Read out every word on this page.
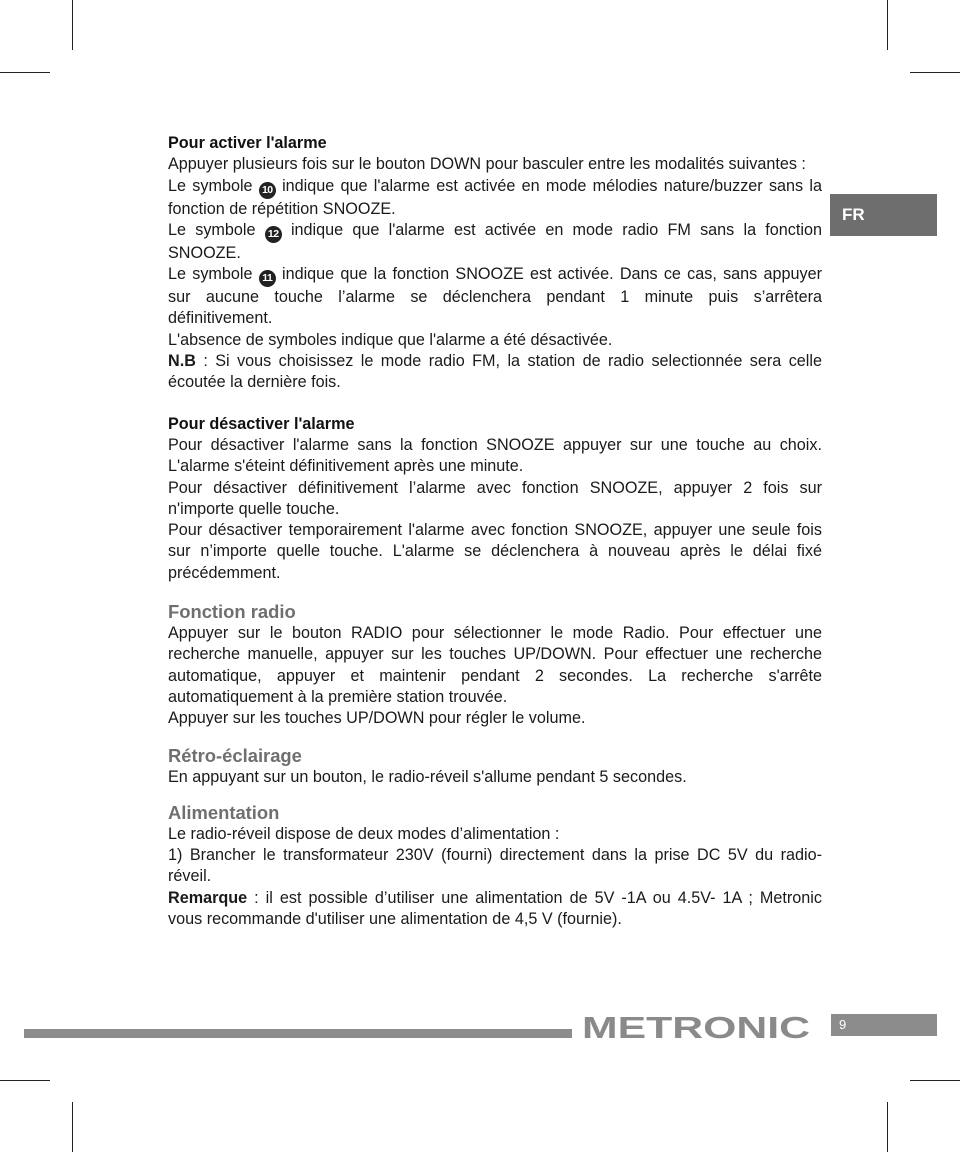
FR
Pour activer l'alarme

Appuyer plusieurs fois sur le bouton DOWN pour basculer entre les modalités suivantes :

Le symbole 10 indique que l'alarme est activée en mode mélodies nature/buzzer sans la fonction de répétition SNOOZE.

Le symbole 12 indique que l'alarme est activée en mode radio FM sans la fonction SNOOZE.

Le symbole 11 indique que la fonction SNOOZE est activée. Dans ce cas, sans appuyer sur aucune touche l’alarme se déclenchera pendant 1 minute puis s’arrêtera définitivement.

L'absence de symboles indique que l'alarme a été désactivée.

N.B : Si vous choisissez le mode radio FM, la station de radio selectionnée sera celle écoutée la dernière fois.

Pour désactiver l'alarme

Pour désactiver l'alarme sans la fonction SNOOZE appuyer sur une touche au choix. L'alarme s'éteint définitivement après une minute.

Pour désactiver définitivement l’alarme avec fonction SNOOZE, appuyer 2 fois sur n'importe quelle touche.

Pour désactiver temporairement l'alarme avec fonction SNOOZE, appuyer une seule fois sur n’importe quelle touche. L'alarme se déclenchera à nouveau après le délai fixé précédemment.

Fonction radio

Appuyer sur le bouton RADIO pour sélectionner le mode Radio. Pour effectuer une recherche manuelle, appuyer sur les touches UP/DOWN. Pour effectuer une recherche automatique, appuyer et maintenir pendant 2 secondes. La recherche s'arrête automatiquement à la première station trouvée.

Appuyer sur les touches UP/DOWN pour régler le volume.

Rétro-éclairage

En appuyant sur un bouton, le radio-réveil s'allume pendant 5 secondes.

Alimentation

Le radio-réveil dispose de deux modes d’alimentation :

1) Brancher le transformateur 230V (fourni) directement dans la prise DC 5V du radio-réveil.

Remarque : il est possible d’utiliser une alimentation de 5V -1A ou 4.5V- 1A ; Metronic vous recommande d'utiliser une alimentation de 4,5 V (fournie).

METRONIC	9
